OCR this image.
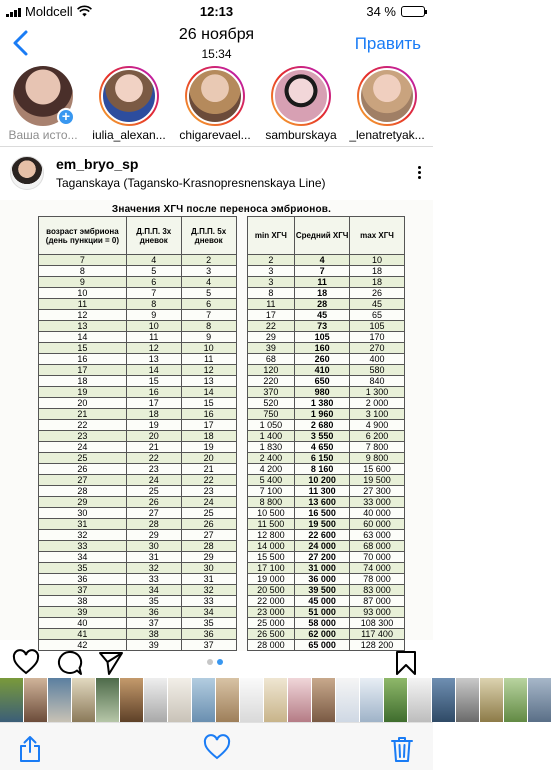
Moldcell	12:13	34 %
26 ноября
15:34
Править
+
Ваша исто...	iulia_alexan...	chigarevael...	samburskaya	_lenatretyak...
em_bryo_sp
Taganskaya (Taganskо-Krasnopresnenskaya Line)
Значения ХГЧ после переноса эмбрионов.
возраст эмбриона (день пункции = 0)	Д.П.П. 3х дневок	Д.П.П. 5х дневок		min ХГЧ	Средний ХГЧ	max ХГЧ
7	4	2		2	4	10
8	5	3		3	7	18
9	6	4		3	11	18
10	7	5		8	18	26
11	8	6		11	28	45
12	9	7		17	45	65
13	10	8		22	73	105
14	11	9		29	105	170
15	12	10		39	160	270
16	13	11		68	260	400
17	14	12		120	410	580
18	15	13		220	650	840
19	16	14		370	980	1 300
20	17	15		520	1 380	2 000
21	18	16		750	1 960	3 100
22	19	17		1 050	2 680	4 900
23	20	18		1 400	3 550	6 200
24	21	19		1 830	4 650	7 800
25	22	20		2 400	6 150	9 800
26	23	21		4 200	8 160	15 600
27	24	22		5 400	10 200	19 500
28	25	23		7 100	11 300	27 300
29	26	24		8 800	13 600	33 000
30	27	25		10 500	16 500	40 000
31	28	26		11 500	19 500	60 000
32	29	27		12 800	22 600	63 000
33	30	28		14 000	24 000	68 000
34	31	29		15 500	27 200	70 000
35	32	30		17 100	31 000	74 000
36	33	31		19 000	36 000	78 000
37	34	32		20 500	39 500	83 000
38	35	33		22 000	45 000	87 000
39	36	34		23 000	51 000	93 000
40	37	35		25 000	58 000	108 300
41	38	36		26 500	62 000	117 400
42	39	37		28 000	65 000	128 200
